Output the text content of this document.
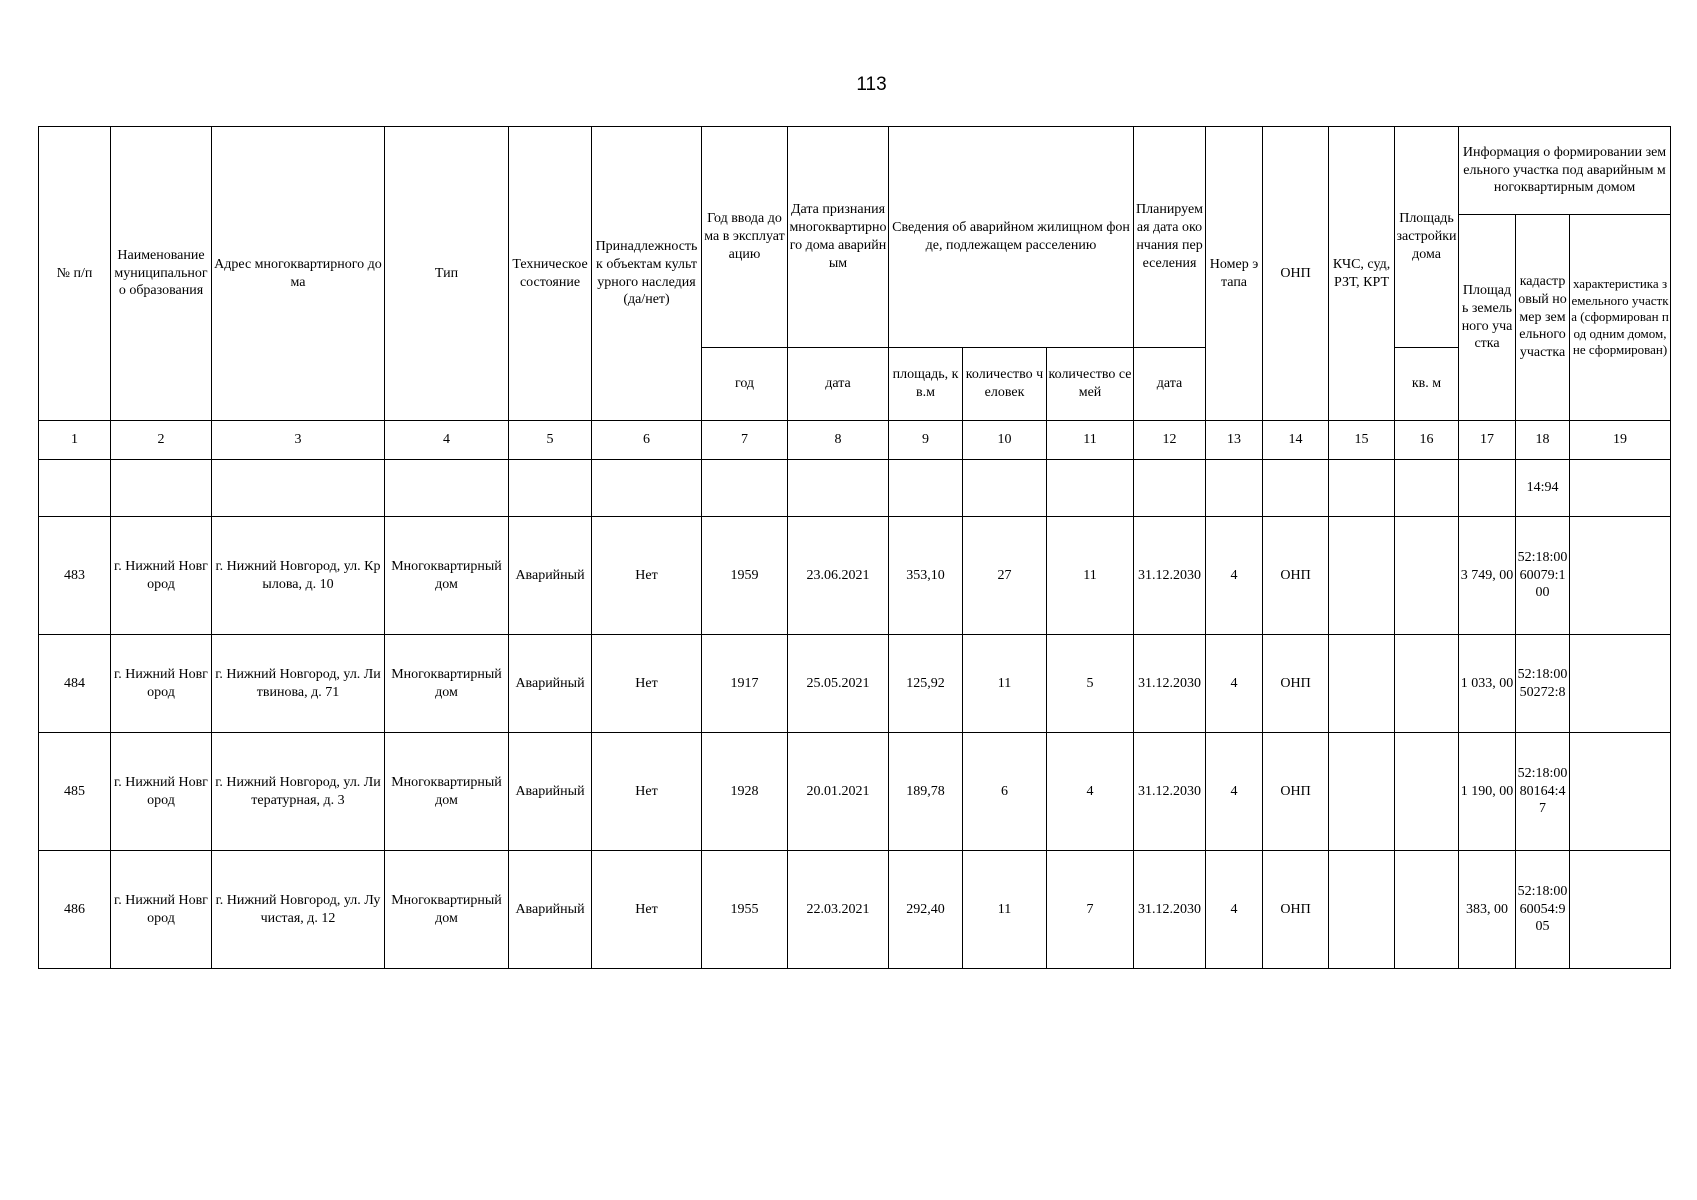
113
№ п/п	Наименование муниципального образования	Адрес многоквартирного дома	Тип	Техническое состояние	Принадлежность к объектам культурного наследия (да/нет)	Год ввода дома в эксплуатацию	Дата признания многоквартирного дома аварийным	Сведения об аварийном жилищном фонде, подлежащем расселению			Планируемая дата окончания переселения	Номер этапа	ОНП	КЧС, суд, РЗТ, КРТ	Площадь застройки дома	Информация о формировании земельного участка под аварийным многоквартирным домом		
																Площадь земельного участка	кадастровый номер земельного участка	характеристика земельного участка (сформирован под одним домом, не сформирован)
						год	дата	площадь, кв.м	количество человек	количество семей	дата				кв. м			
1	2	3	4	5	6	7	8	9	10	11	12	13	14	15	16	17	18	19
																	14:94	
483	г. Нижний Новгород	г. Нижний Новгород, ул. Крылова, д. 10	Многоквартирный дом	Аварийный	Нет	1959	23.06.2021	353,10	27	11	31.12.2030	4	ОНП			3 749, 00	52:18:0060079:100	
484	г. Нижний Новгород	г. Нижний Новгород, ул. Литвинова, д. 71	Многоквартирный дом	Аварийный	Нет	1917	25.05.2021	125,92	11	5	31.12.2030	4	ОНП			1 033, 00	52:18:0050272:8	
485	г. Нижний Новгород	г. Нижний Новгород, ул. Литературная, д. 3	Многоквартирный дом	Аварийный	Нет	1928	20.01.2021	189,78	6	4	31.12.2030	4	ОНП			1 190, 00	52:18:0080164:47	
486	г. Нижний Новгород	г. Нижний Новгород, ул. Лучистая, д. 12	Многоквартирный дом	Аварийный	Нет	1955	22.03.2021	292,40	11	7	31.12.2030	4	ОНП			383, 00	52:18:0060054:905	
